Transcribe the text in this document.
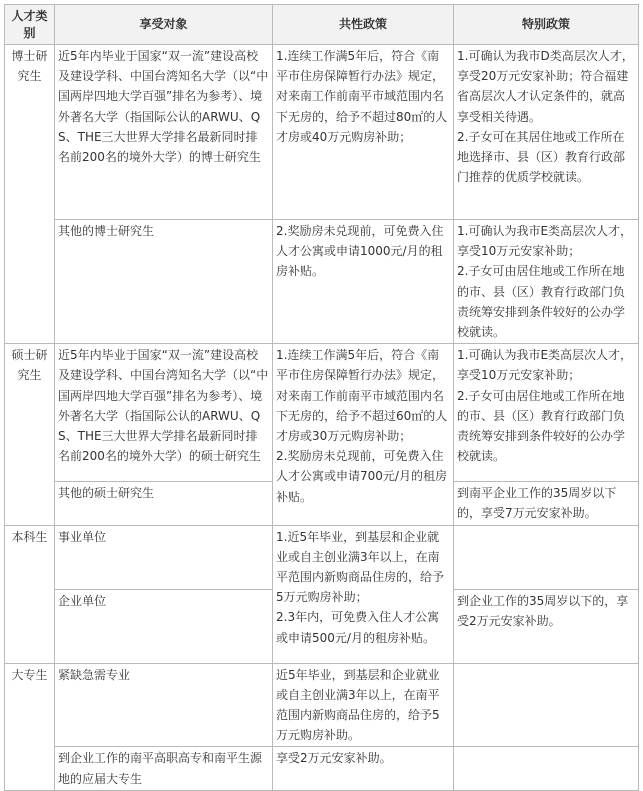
人才类别	享受对象	共性政策	特别政策
博士研究生	近5年内毕业于国家“双一流”建设高校及建设学科、中国台湾知名大学（以“中国两岸四地大学百强”排名为参考）、境外著名大学（指国际公认的ARWU、QS、THE三大世界大学排名最新同时排名前200名的境外大学）的博士研究生	1.连续工作满5年后，符合《南平市住房保障暂行办法》规定，对来南工作前南平市域范围内名下无房的，给予不超过80㎡的人才房或40万元购房补助；	1.可确认为我市D类高层次人才，享受20万元安家补助；符合福建省高层次人才认定条件的，就高享受相关待遇。
2.子女可在其居住地或工作所在地选择市、县（区）教育行政部门推荐的优质学校就读。
	其他的博士研究生	2.奖励房未兑现前，可免费入住人才公寓或申请1000元/月的租房补贴。	1.可确认为我市E类高层次人才，享受10万元安家补助；
2.子女可由居住地或工作所在地的市、县（区）教育行政部门负责统筹安排到条件较好的公办学校就读。
硕士研究生	近5年内毕业于国家“双一流”建设高校及建设学科、中国台湾知名大学（以“中国两岸四地大学百强”排名为参考）、境外著名大学（指国际公认的ARWU、QS、THE三大世界大学排名最新同时排名前200名的境外大学）的硕士研究生	1.连续工作满5年后，符合《南平市住房保障暂行办法》规定，对来南工作前南平市域范围内名下无房的，给予不超过60㎡的人才房或30万元购房补助；
2.奖励房未兑现前，可免费入住人才公寓或申请700元/月的租房补贴。	1.可确认为我市E类高层次人才，享受10万元安家补助；
2.子女可由居住地或工作所在地的市、县（区）教育行政部门负责统筹安排到条件较好的公办学校就读。
	其他的硕士研究生		到南平企业工作的35周岁以下的，享受7万元安家补助。
本科生	事业单位	1.近5年毕业，到基层和企业就业或自主创业满3年以上，在南平范围内新购商品住房的，给予5万元购房补助；
2.3年内，可免费入住人才公寓或申请500元/月的租房补贴。	
	企业单位		到企业工作的35周岁以下的，享受2万元安家补助。
大专生	紧缺急需专业	近5年毕业，到基层和企业就业或自主创业满3年以上，在南平范围内新购商品住房的，给予5万元购房补助。	
	到企业工作的南平高职高专和南平生源地的应届大专生	享受2万元安家补助。	
